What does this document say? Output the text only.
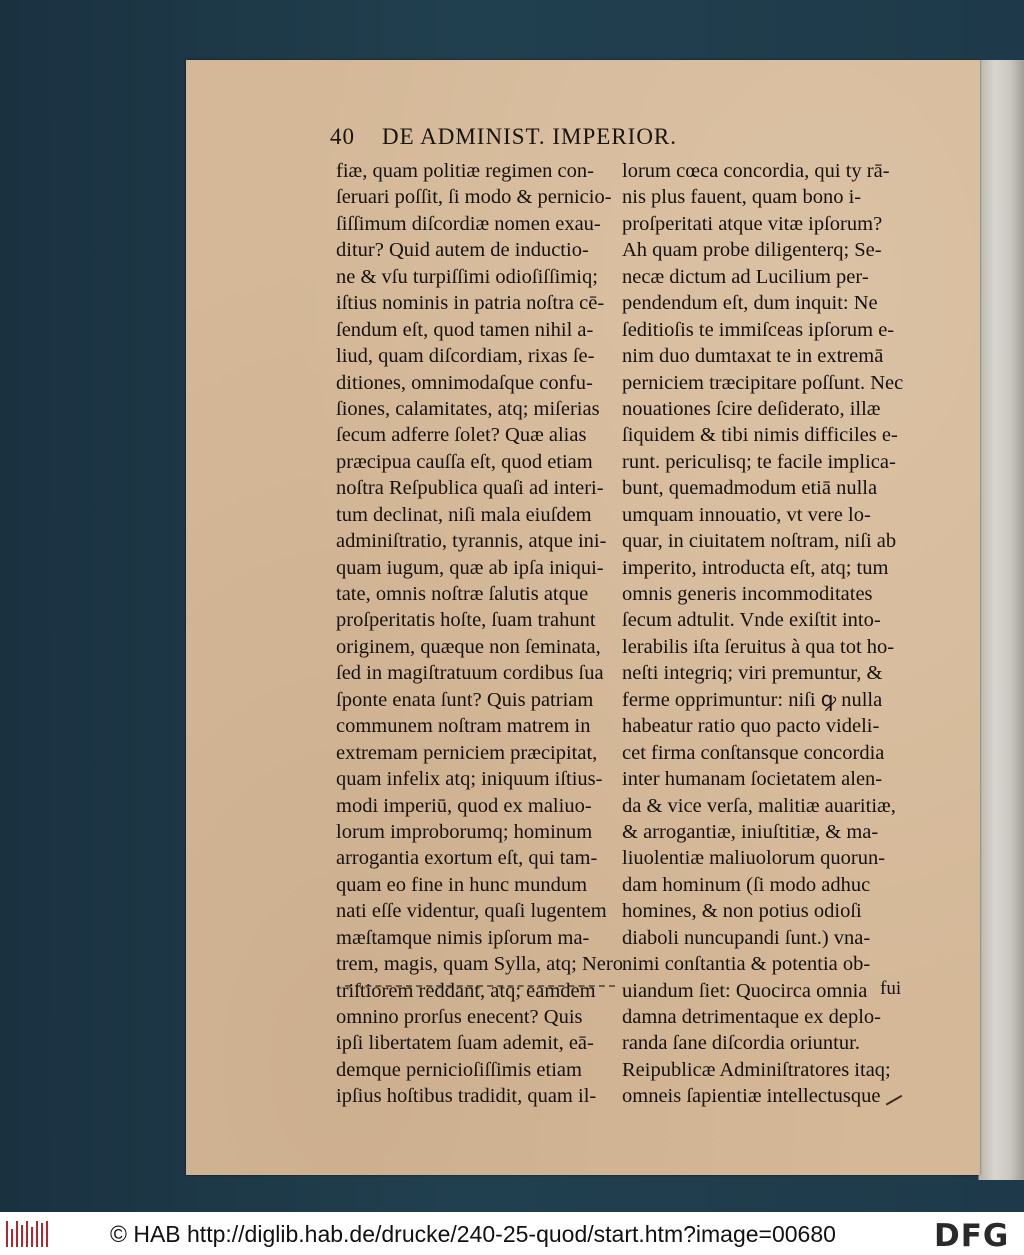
40 DE ADMINIST. IMPERIOR.
fiæ, quam politiæ regimen con-
ſeruari poſſit, ſi modo & pernicio-
ſiſſimum diſcordiæ nomen exau-
ditur? Quid autem de inductio-
ne & vſu turpiſſimi odioſiſſimiq;
iſtius nominis in patria noſtra cē-
ſendum eſt, quod tamen nihil a-
liud, quam diſcordiam, rixas ſe-
ditiones, omnimodaſque confu-
ſiones, calamitates, atq; miſerias
ſecum adferre ſolet? Quæ alias
præcipua cauſſa eſt, quod etiam
noſtra Reſpublica quaſi ad interi-
tum declinat, niſi mala eiuſdem
adminiſtratio, tyrannis, atque ini-
quam iugum, quæ ab ipſa iniqui-
tate, omnis noſtræ ſalutis atque
proſperitatis hoſte, ſuam trahunt
originem, quæque non ſeminata,
ſed in magiſtratuum cordibus ſua
ſponte enata ſunt? Quis patriam
communem noſtram matrem in
extremam perniciem præcipitat,
quam infelix atq; iniquum iſtius-
modi imperiū, quod ex maliuo-
lorum improborumq; hominum
arrogantia exortum eſt, qui tam-
quam eo fine in hunc mundum
nati eſſe videntur, quaſi lugentem
mæſtamque nimis ipſorum ma-
trem, magis, quam Sylla, atq; Nero
triſtiorem reddant, atq; eamdem
omnino prorſus enecent? Quis
ipſi libertatem ſuam ademit, eā-
demque pernicioſiſſimis etiam
ipſius hoſtibus tradidit, quam il-
lorum cœca concordia, qui ty rā-
nis plus fauent, quam bono i-
proſperitati atque vitæ ipſorum?
Ah quam probe diligenterq; Se-
necæ dictum ad Lucilium per-
pendendum eſt, dum inquit: Ne
ſeditioſis te immiſceas ipſorum e-
nim duo dumtaxat te in extremā
perniciem træcipitare poſſunt. Nec
nouationes ſcire deſiderato, illæ
ſiquidem & tibi nimis difficiles e-
runt. periculisq; te facile implica-
bunt, quemadmodum etiā nulla
umquam innouatio, vt vere lo-
quar, in ciuitatem noſtram, niſi ab
imperito, introducta eſt, atq; tum
omnis generis incommoditates
ſecum adtulit. Vnde exiſtit into-
lerabilis iſta ſeruitus à qua tot ho-
neſti integriq; viri premuntur, &
ferme opprimuntur: niſi ꝙ nulla
habeatur ratio quo pacto videli-
cet firma conſtansque concordia
inter humanam ſocietatem alen-
da & vice verſa, malitiæ auaritiæ,
& arrogantiæ, iniuſtitiæ, & ma-
liuolentiæ maliuolorum quorun-
dam hominum (ſi modo adhuc
homines, & non potius odioſi
diaboli nuncupandi ſunt.) vna-
nimi conſtantia & potentia ob-
uiandum ſiet: Quocirca omnia
damna detrimentaque ex deplo-
randa ſane diſcordia oriuntur.
Reipublicæ Adminiſtratores itaq;
omneis ſapientiæ intellectusque
fui
© HAB http://diglib.hab.de/drucke/240-25-quod/start.htm?image=00680	DFG
